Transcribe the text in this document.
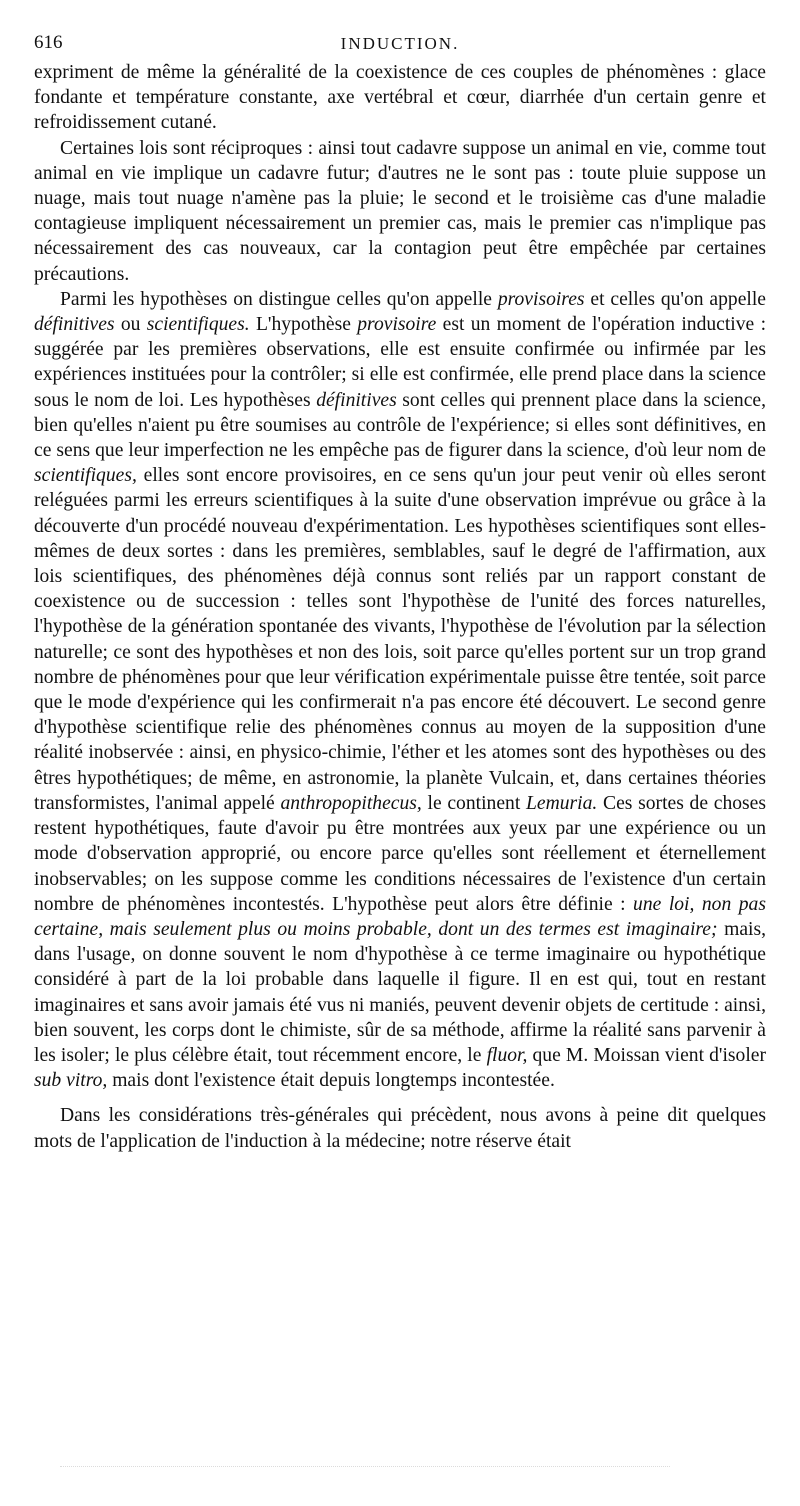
616	INDUCTION.

expriment de même la généralité de la coexistence de ces couples de phénomènes : glace fondante et température constante, axe vertébral et cœur, diarrhée d'un certain genre et refroidissement cutané.

Certaines lois sont réciproques : ainsi tout cadavre suppose un animal en vie, comme tout animal en vie implique un cadavre futur; d'autres ne le sont pas : toute pluie suppose un nuage, mais tout nuage n'amène pas la pluie; le second et le troisième cas d'une maladie contagieuse impliquent nécessairement un premier cas, mais le premier cas n'implique pas nécessairement des cas nouveaux, car la contagion peut être empêchée par certaines précautions.

Parmi les hypothèses on distingue celles qu'on appelle provisoires et celles qu'on appelle définitives ou scientifiques. L'hypothèse provisoire est un moment de l'opération inductive : suggérée par les premières observations, elle est ensuite confirmée ou infirmée par les expériences instituées pour la contrôler; si elle est confirmée, elle prend place dans la science sous le nom de loi. Les hypothèses définitives sont celles qui prennent place dans la science, bien qu'elles n'aient pu être soumises au contrôle de l'expérience; si elles sont définitives, en ce sens que leur imperfection ne les empêche pas de figurer dans la science, d'où leur nom de scientifiques, elles sont encore provisoires, en ce sens qu'un jour peut venir où elles seront reléguées parmi les erreurs scientifiques à la suite d'une observation imprévue ou grâce à la découverte d'un procédé nouveau d'expérimentation. Les hypothèses scientifiques sont elles-mêmes de deux sortes : dans les premières, semblables, sauf le degré de l'affirmation, aux lois scientifiques, des phénomènes déjà connus sont reliés par un rapport constant de coexistence ou de succession : telles sont l'hypothèse de l'unité des forces naturelles, l'hypothèse de la génération spontanée des vivants, l'hypothèse de l'évolution par la sélection naturelle; ce sont des hypothèses et non des lois, soit parce qu'elles portent sur un trop grand nombre de phénomènes pour que leur vérification expérimentale puisse être tentée, soit parce que le mode d'expérience qui les confirmerait n'a pas encore été découvert. Le second genre d'hypothèse scientifique relie des phénomènes connus au moyen de la supposition d'une réalité inobservée : ainsi, en physico-chimie, l'éther et les atomes sont des hypothèses ou des êtres hypothétiques; de même, en astronomie, la planète Vulcain, et, dans certaines théories transformistes, l'animal appelé anthropopithecus, le continent Lemuria. Ces sortes de choses restent hypothétiques, faute d'avoir pu être montrées aux yeux par une expérience ou un mode d'observation approprié, ou encore parce qu'elles sont réellement et éternellement inobservables; on les suppose comme les conditions nécessaires de l'existence d'un certain nombre de phénomènes incontestés. L'hypothèse peut alors être définie : une loi, non pas certaine, mais seulement plus ou moins probable, dont un des termes est imaginaire; mais, dans l'usage, on donne souvent le nom d'hypothèse à ce terme imaginaire ou hypothétique considéré à part de la loi probable dans laquelle il figure. Il en est qui, tout en restant imaginaires et sans avoir jamais été vus ni maniés, peuvent devenir objets de certitude : ainsi, bien souvent, les corps dont le chimiste, sûr de sa méthode, affirme la réalité sans parvenir à les isoler; le plus célèbre était, tout récemment encore, le fluor, que M. Moissan vient d'isoler sub vitro, mais dont l'existence était depuis longtemps incontestée.

Dans les considérations très-générales qui précèdent, nous avons à peine dit quelques mots de l'application de l'induction à la médecine; notre réserve était
